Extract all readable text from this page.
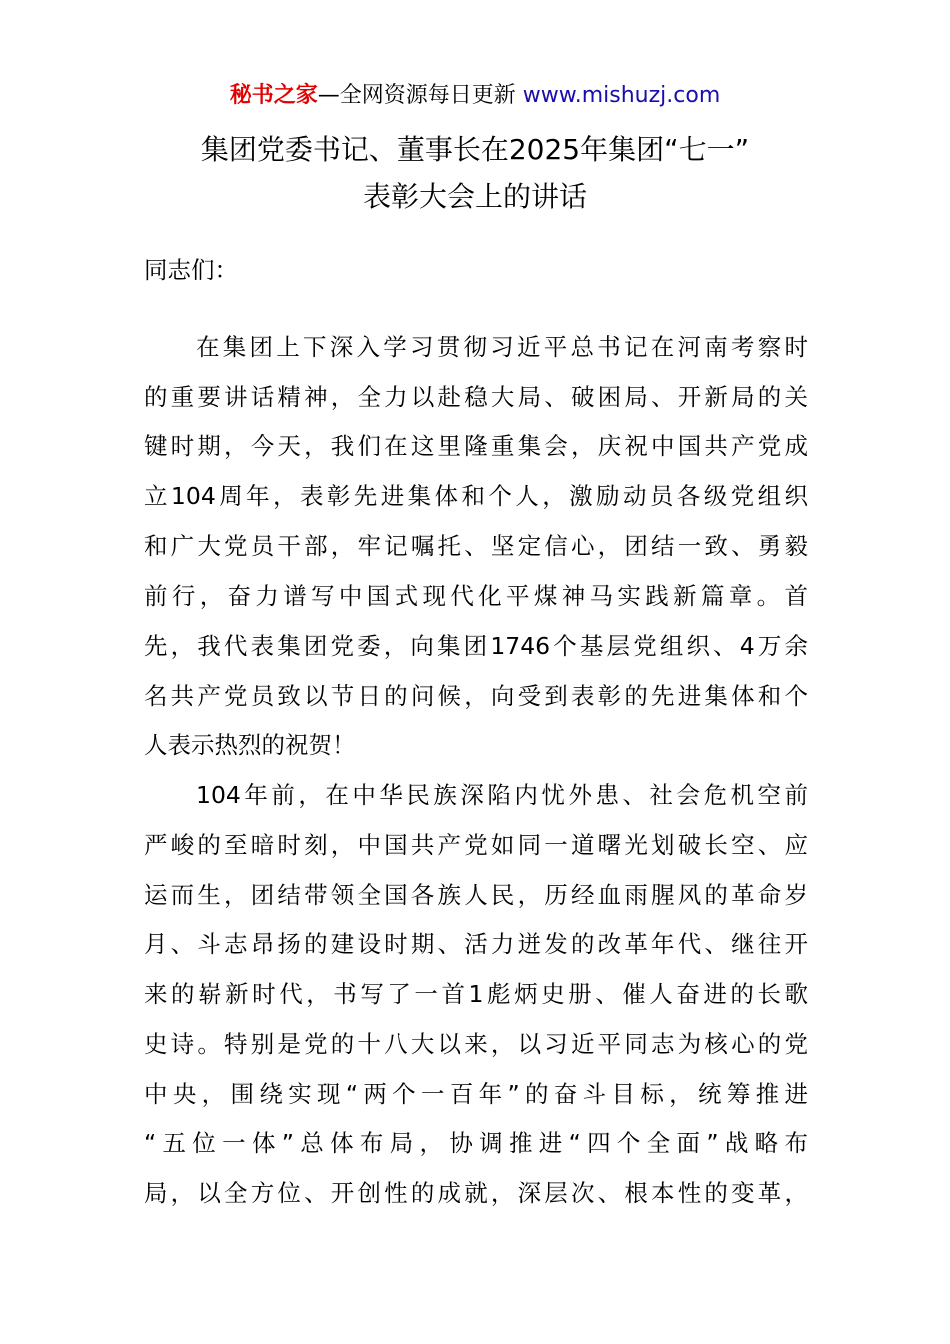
秘书之家—全网资源每日更新 www.mishuzj.com
集团党委书记、董事长在2025年集团“七一”
表彰大会上的讲话
同志们：
在集团上下深入学习贯彻习近平总书记在河南考察时
的重要讲话精神，全力以赴稳大局、破困局、开新局的关
键时期，今天，我们在这里隆重集会，庆祝中国共产党成
立104周年，表彰先进集体和个人，激励动员各级党组织
和广大党员干部，牢记嘱托、坚定信心，团结一致、勇毅
前行，奋力谱写中国式现代化平煤神马实践新篇章。首
先，我代表集团党委，向集团1746个基层党组织、4万余
名共产党员致以节日的问候，向受到表彰的先进集体和个
人表示热烈的祝贺！
104年前，在中华民族深陷内忧外患、社会危机空前
严峻的至暗时刻，中国共产党如同一道曙光划破长空、应
运而生，团结带领全国各族人民，历经血雨腥风的革命岁
月、斗志昂扬的建设时期、活力迸发的改革年代、继往开
来的崭新时代，书写了一首1彪炳史册、催人奋进的长歌
史诗。特别是党的十八大以来，以习近平同志为核心的党
中央，围绕实现“两个一百年”的奋斗目标，统筹推进
“五位一体”总体布局，协调推进“四个全面”战略布
局，以全方位、开创性的成就，深层次、根本性的变革，
